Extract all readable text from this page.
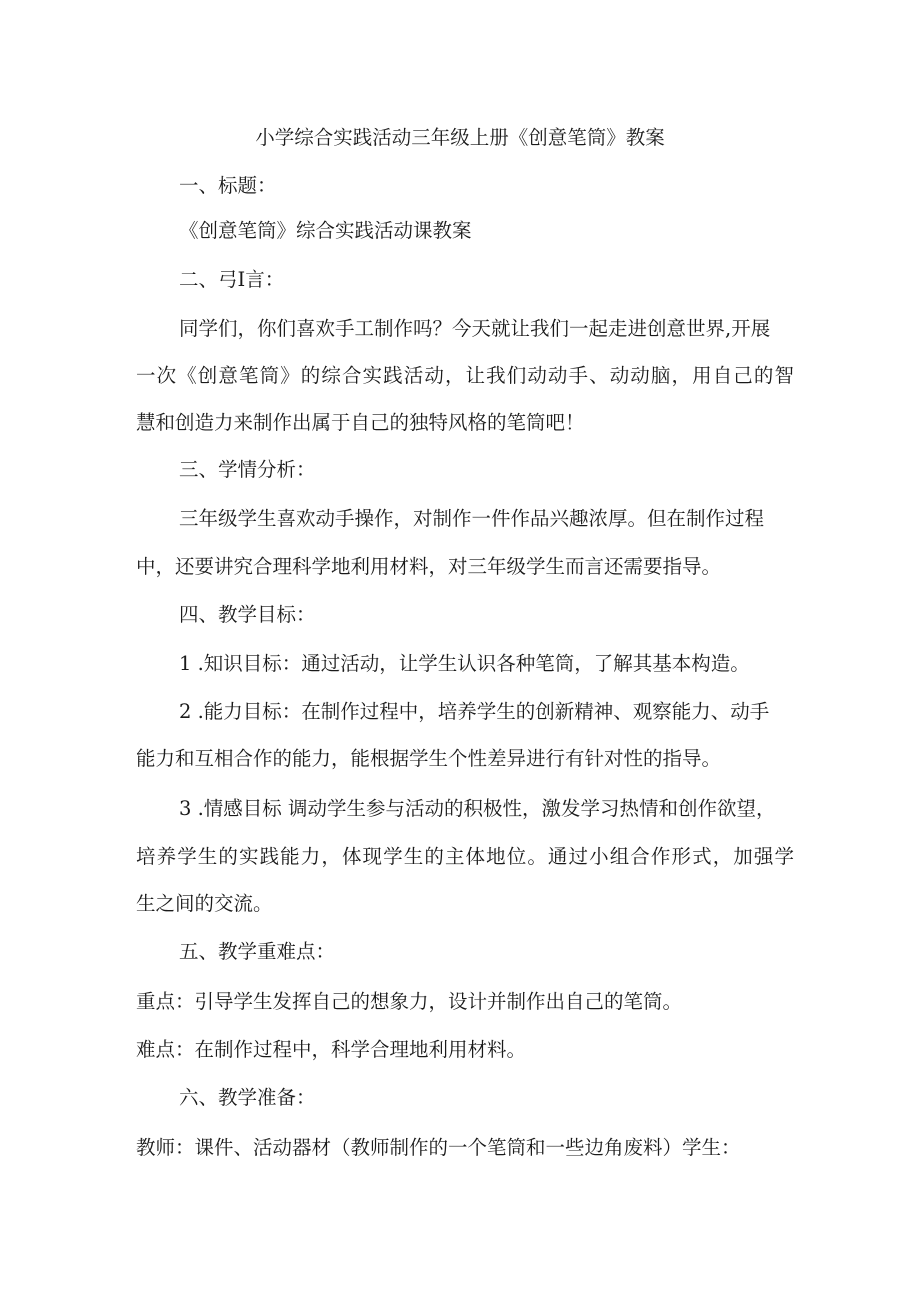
小学综合实践活动三年级上册《创意笔筒》教案
一、标题：
《创意笔筒》综合实践活动课教案
二、弓I言：
同学们，你们喜欢手工制作吗？今天就让我们一起走进创意世界,开展
一次《创意笔筒》的综合实践活动，让我们动动手、动动脑，用自己的智
慧和创造力来制作出属于自己的独特风格的笔筒吧！
三、学情分析：
三年级学生喜欢动手操作，对制作一件作品兴趣浓厚。但在制作过程
中，还要讲究合理科学地利用材料，对三年级学生而言还需要指导。
四、教学目标：
1 .知识目标：通过活动，让学生认识各种笔筒，了解其基本构造。
2 .能力目标：在制作过程中，培养学生的创新精神、观察能力、动手
能力和互相合作的能力，能根据学生个性差异进行有针对性的指导。
3 .情感目标 调动学生参与活动的积极性，激发学习热情和创作欲望，
培养学生的实践能力，体现学生的主体地位。通过小组合作形式，加强学
生之间的交流。
五、教学重难点：
重点：引导学生发挥自己的想象力，设计并制作出自己的笔筒。
难点：在制作过程中，科学合理地利用材料。
六、教学准备：
教师：课件、活动器材（教师制作的一个笔筒和一些边角废料）学生：
